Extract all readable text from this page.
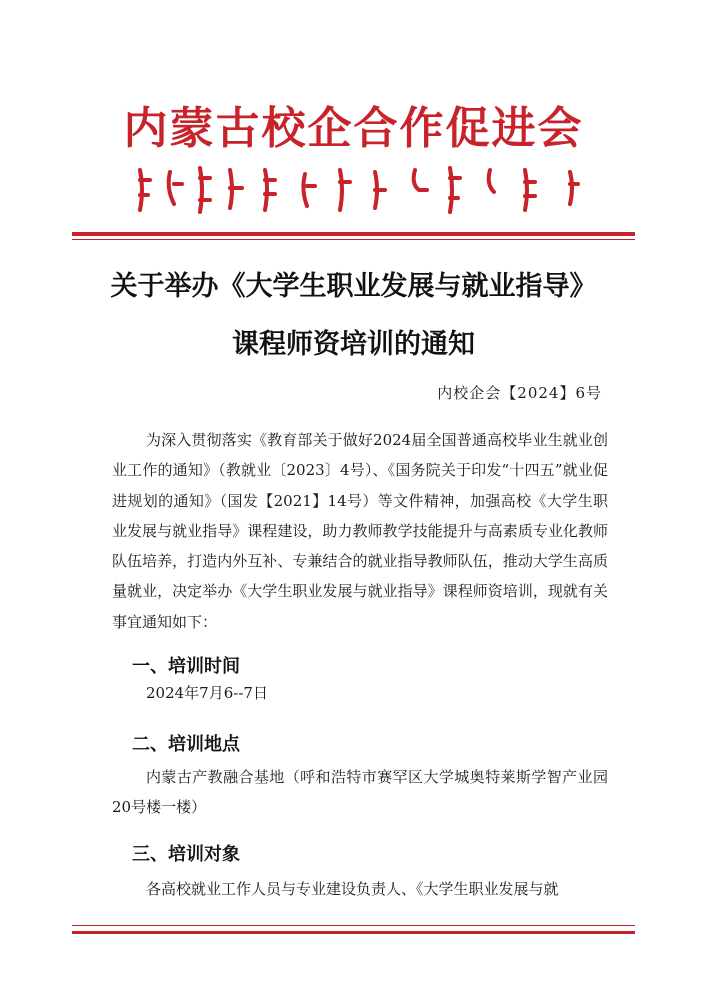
内蒙古校企合作促进会
关于举办《大学生职业发展与就业指导》
课程师资培训的通知
内校企会【2024】6号

为深入贯彻落实《教育部关于做好2024届全国普通高校毕业生就业创业工作的通知》（教就业〔2023〕4号）、《国务院关于印发“十四五”就业促进规划的通知》（国发【2021】14号）等文件精神，加强高校《大学生职业发展与就业指导》课程建设，助力教师教学技能提升与高素质专业化教师队伍培养，打造内外互补、专兼结合的就业指导教师队伍，推动大学生高质量就业，决定举办《大学生职业发展与就业指导》课程师资培训，现就有关事宜通知如下：

一、培训时间

2024年7月6--7日

二、培训地点

内蒙古产教融合基地（呼和浩特市赛罕区大学城奥特莱斯学智产业园20号楼一楼）

三、培训对象

各高校就业工作人员与专业建设负责人、《大学生职业发展与就
